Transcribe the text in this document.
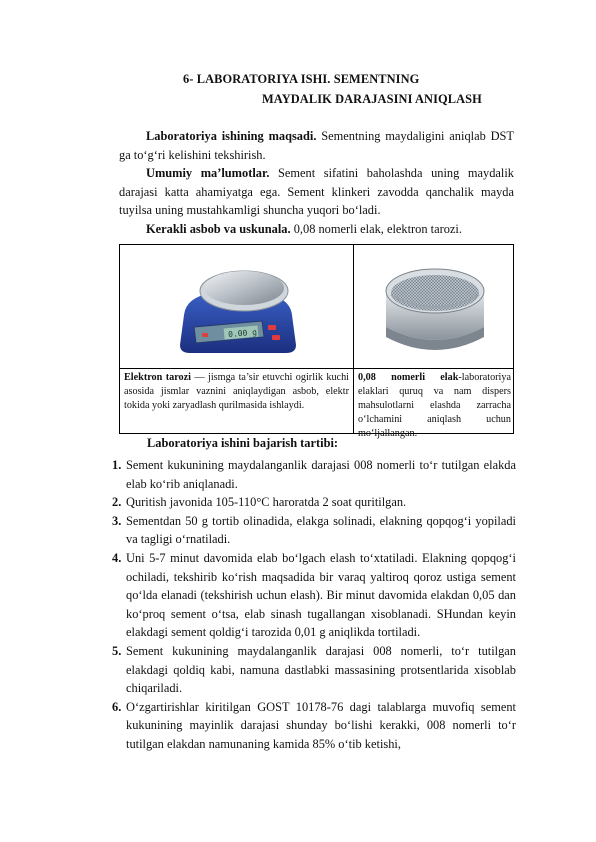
6- LABORATORIYA ISHI. SEMENTNING
MAYDALIK DARAJASINI ANIQLASH
Laboratoriya ishining maqsadi. Sementning maydaligini aniqlab DST ga to‘g‘ri kelishini tekshirish.
Umumiy ma’lumotlar. Sement sifatini baholashda uning maydalik darajasi katta ahamiyatga ega. Sement klinkeri zavodda qanchalik mayda tuyilsa uning mustahkamligi shuncha yuqori bo‘ladi.
Kerakli asbob va uskunala. 0,08 nomerli elak, elektron tarozi.
0.00 g
Elektron tarozi — jismga ta’sir etuvchi ogirlik kuchi asosida jismlar vaznini aniqlaydigan asbob, elektr tokida yoki zaryadlash qurilmasida ishlaydi.
0,08 nomerli elak-laboratoriya elaklari quruq va nam dispers mahsulotlarni elashda zarracha o‘lchamini aniqlash uchun mo‘ljallangan.
Laboratoriya ishini bajarish tartibi:

1. Sement kukunining maydalanganlik darajasi 008 nomerli to‘r tutilgan elakda elab ko‘rib aniqlanadi.

2. Quritish javonida 105-110°C haroratda 2 soat quritilgan.

3. Sementdan 50 g tortib olinadida, elakga solinadi, elakning qopqog‘i yopiladi va tagligi o‘rnatiladi.

4. Uni 5-7 minut davomida elab bo‘lgach elash to‘xtatiladi. Elakning qopqog‘i ochiladi, tekshirib ko‘rish maqsadida bir varaq yaltiroq qoroz ustiga sement qo‘lda elanadi (tekshirish uchun elash). Bir minut davomida elakdan 0,05 dan ko‘proq sement o‘tsa, elab sinash tugallangan xisoblanadi. SHundan keyin elakdagi sement qoldig‘i tarozida 0,01 g aniqlikda tortiladi.

5. Sement kukunining maydalanganlik darajasi 008 nomerli, to‘r tutilgan elakdagi qoldiq kabi, namuna dastlabki massasining protsentlarida xisoblab chiqariladi.

6. O‘zgartirishlar kiritilgan GOST 10178-76 dagi talablarga muvofiq sement kukunining mayinlik darajasi shunday bo‘lishi kerakki, 008 nomerli to‘r tutilgan elakdan namunaning kamida 85% o‘tib ketishi,
